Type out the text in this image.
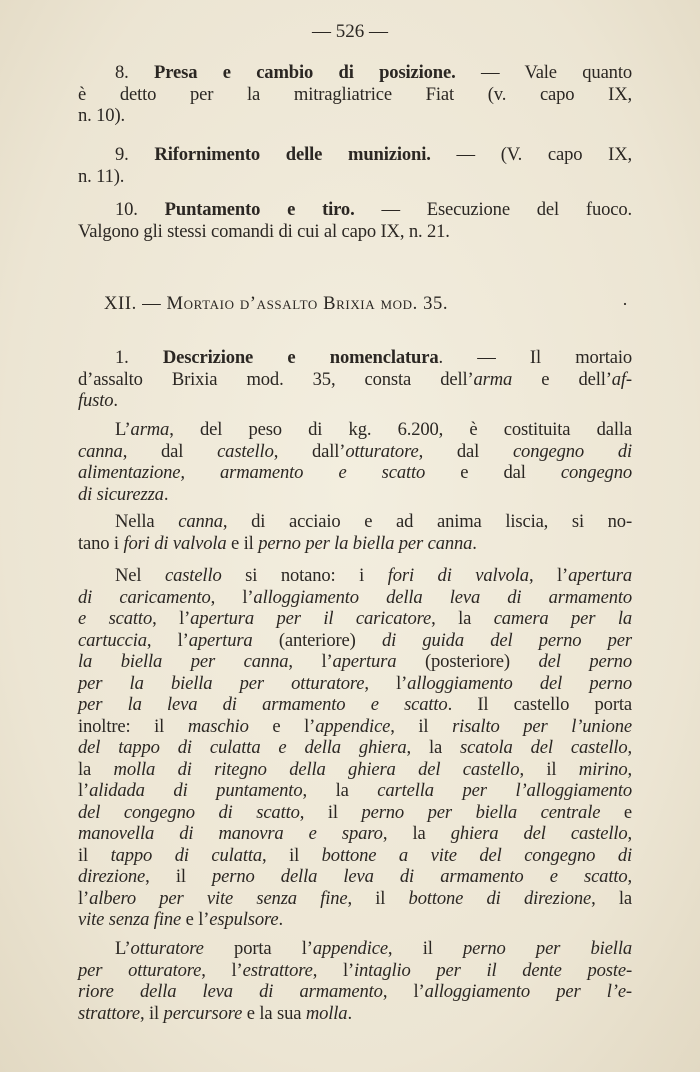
— 526 —
8. Presa e cambio di posizione. — Vale quanto
è detto per la mitragliatrice Fiat (v. capo IX,
n. 10).
9. Rifornimento delle munizioni. — (V. capo IX,
n. 11).
10. Puntamento e tiro. — Esecuzione del fuoco.
Valgono gli stessi comandi di cui al capo IX, n. 21.
XII. — Mortaio d’assalto Brixia mod. 35.	·
1. Descrizione e nomenclatura. — Il mortaio
d’assalto Brixia mod. 35, consta dell’arma e dell’af-
fusto.
L’arma, del peso di kg. 6.200, è costituita dalla
canna, dal castello, dall’otturatore, dal congegno di
alimentazione, armamento e scatto e dal congegno
di sicurezza.
Nella canna, di acciaio e ad anima liscia, si no-
tano i fori di valvola e il perno per la biella per canna.
Nel castello si notano: i fori di valvola, l’apertura
di caricamento, l’alloggiamento della leva di armamento
e scatto, l’apertura per il caricatore, la camera per la
cartuccia, l’apertura (anteriore) di guida del perno per
la biella per canna, l’apertura (posteriore) del perno
per la biella per otturatore, l’alloggiamento del perno
per la leva di armamento e scatto. Il castello porta
inoltre: il maschio e l’appendice, il risalto per l’unione
del tappo di culatta e della ghiera, la scatola del castello,
la molla di ritegno della ghiera del castello, il mirino,
l’alidada di puntamento, la cartella per l’alloggiamento
del congegno di scatto, il perno per biella centrale e
manovella di manovra e sparo, la ghiera del castello,
il tappo di culatta, il bottone a vite del congegno di
direzione, il perno della leva di armamento e scatto,
l’albero per vite senza fine, il bottone di direzione, la
vite senza fine e l’espulsore.
L’otturatore porta l’appendice, il perno per biella
per otturatore, l’estrattore, l’intaglio per il dente poste-
riore della leva di armamento, l’alloggiamento per l’e-
strattore, il percursore e la sua molla.
